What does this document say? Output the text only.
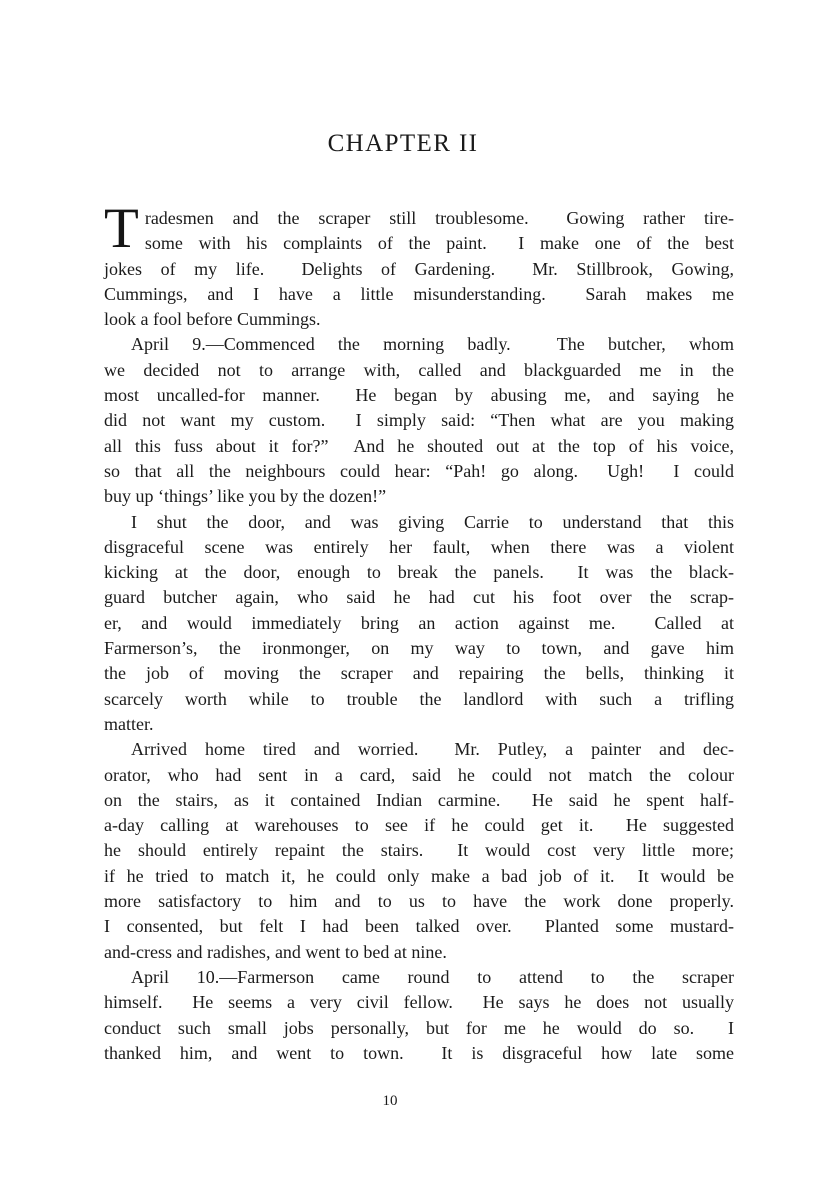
CHAPTER II
T radesmen and the scraper still troublesome.  Gowing rather tire-
some with his complaints of the paint.  I make one of the best
jokes of my life.  Delights of Gardening.  Mr. Stillbrook, Gowing,
Cummings, and I have a little misunderstanding.  Sarah makes me
look a fool before Cummings.
April 9.—Commenced the morning badly.  The butcher, whom
we decided not to arrange with, called and blackguarded me in the
most uncalled-for manner.  He began by abusing me, and saying he
did not want my custom.  I simply said: “Then what are you making
all this fuss about it for?”  And he shouted out at the top of his voice,
so that all the neighbours could hear: “Pah! go along.  Ugh!  I could
buy up ‘things’ like you by the dozen!”
I shut the door, and was giving Carrie to understand that this
disgraceful scene was entirely her fault, when there was a violent
kicking at the door, enough to break the panels.  It was the black-
guard butcher again, who said he had cut his foot over the scrap-
er, and would immediately bring an action against me.  Called at
Farmerson’s, the ironmonger, on my way to town, and gave him
the job of moving the scraper and repairing the bells, thinking it
scarcely worth while to trouble the landlord with such a trifling
matter.
Arrived home tired and worried.  Mr. Putley, a painter and dec-
orator, who had sent in a card, said he could not match the colour
on the stairs, as it contained Indian carmine.  He said he spent half-
a-day calling at warehouses to see if he could get it.  He suggested
he should entirely repaint the stairs.  It would cost very little more;
if he tried to match it, he could only make a bad job of it.  It would be
more satisfactory to him and to us to have the work done properly.
I consented, but felt I had been talked over.  Planted some mustard-
and-cress and radishes, and went to bed at nine.
April 10.—Farmerson came round to attend to the scraper
himself.  He seems a very civil fellow.  He says he does not usually
conduct such small jobs personally, but for me he would do so.  I
thanked him, and went to town.  It is disgraceful how late some
10
